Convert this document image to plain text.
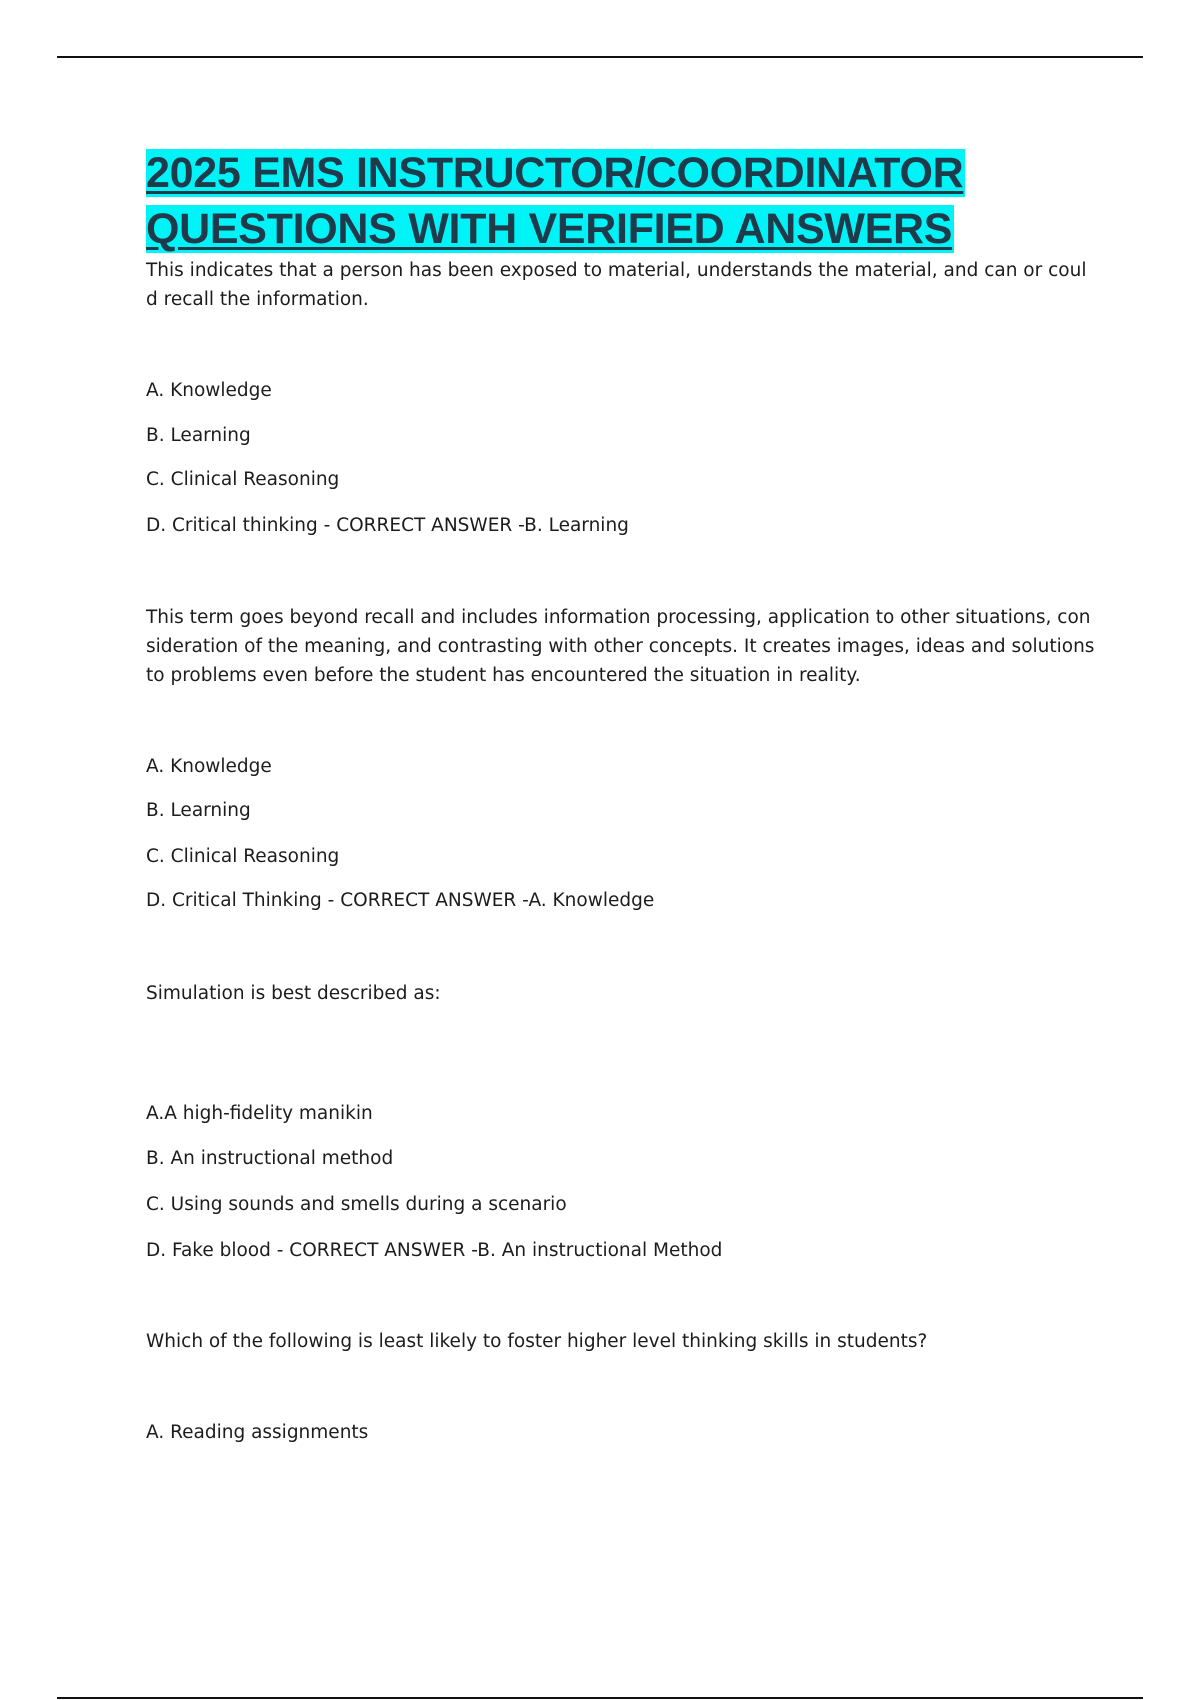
2025 EMS INSTRUCTOR/COORDINATOR
QUESTIONS WITH VERIFIED ANSWERS

This indicates that a person has been exposed to material, understands the material, and can or could recall the information.

A. Knowledge

B. Learning

C. Clinical Reasoning

D. Critical thinking - CORRECT ANSWER -B. Learning

This term goes beyond recall and includes information processing, application to other situations, consideration of the meaning, and contrasting with other concepts. It creates images, ideas and solutions to problems even before the student has encountered the situation in reality.

A. Knowledge

B. Learning

C. Clinical Reasoning

D. Critical Thinking - CORRECT ANSWER -A. Knowledge

Simulation is best described as:

A.A high-fidelity manikin

B. An instructional method

C. Using sounds and smells during a scenario

D. Fake blood - CORRECT ANSWER -B. An instructional Method

Which of the following is least likely to foster higher level thinking skills in students?

A. Reading assignments
